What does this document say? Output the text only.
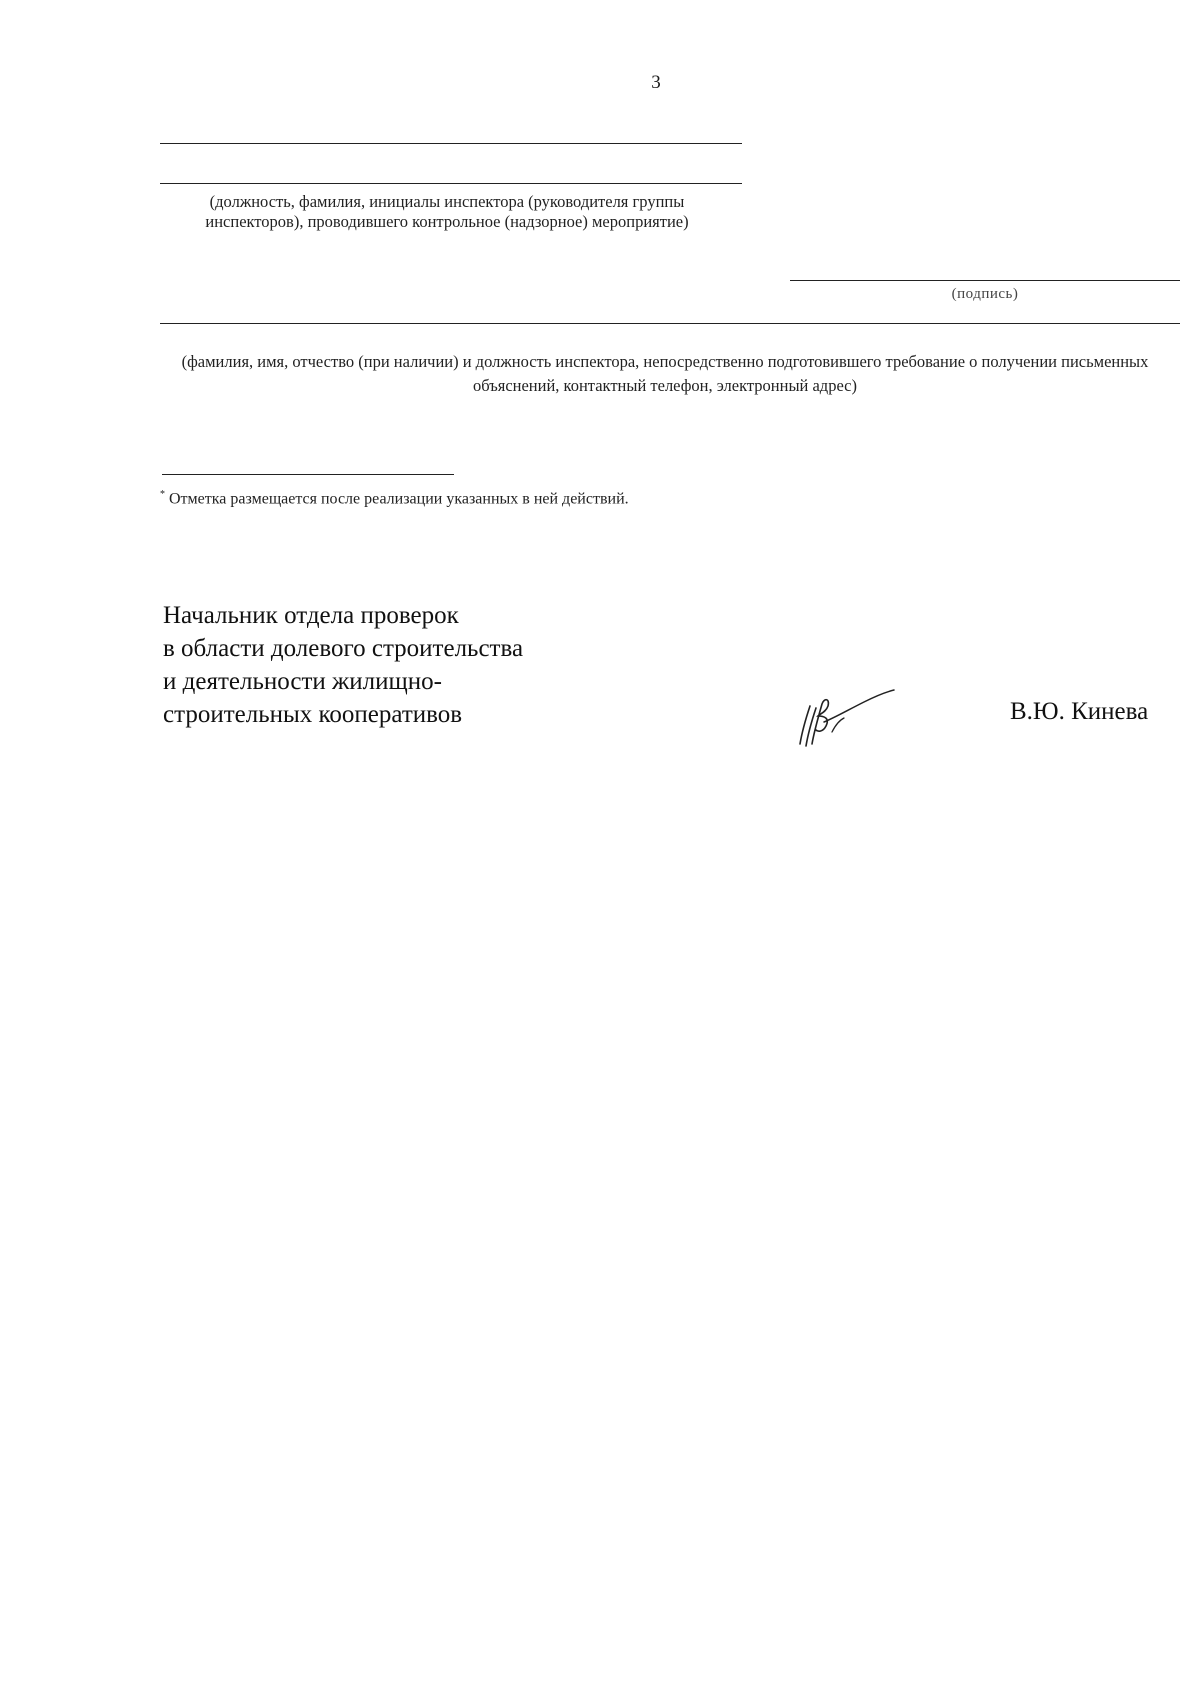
3
(должность, фамилия, инициалы инспектора (руководителя группы инспекторов), проводившего контрольное (надзорное) мероприятие)
(подпись)
(фамилия, имя, отчество (при наличии) и должность инспектора, непосредственно подготовившего требование о получении письменных объяснений, контактный телефон, электронный адрес)
* Отметка размещается после реализации указанных в ней действий.
Начальник отдела проверок
в области долевого строительства
и деятельности жилищно-
строительных кооперативов	В.Ю. Кинева
